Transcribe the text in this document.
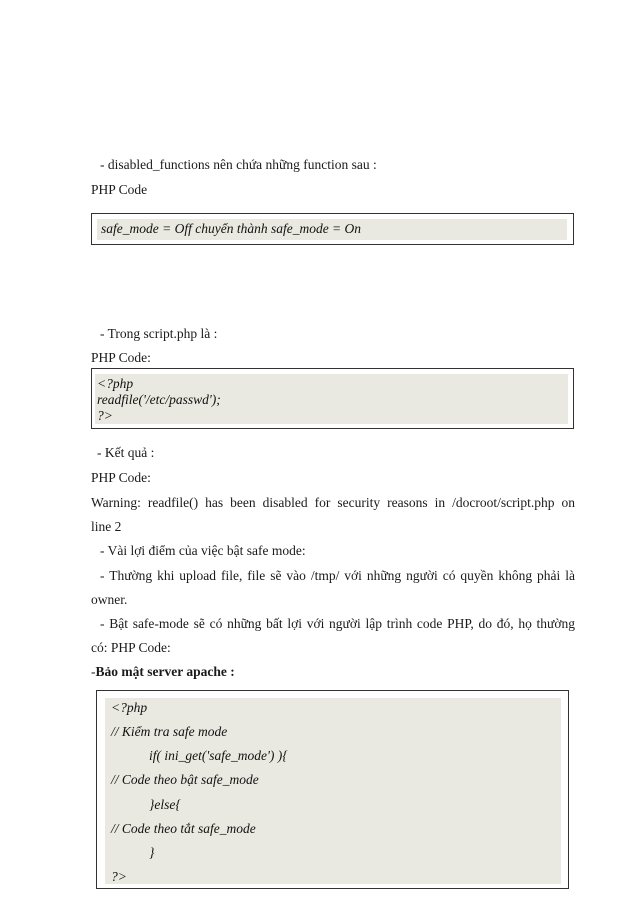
- disabled_functions nên chứa những function sau :
PHP Code
safe_mode = Off chuyển thành safe_mode = On
- Trong script.php là :
PHP Code:
<?php
readfile('/etc/passwd');
?>
- Kết quả :
PHP Code:
Warning: readfile() has been disabled for security reasons in /docroot/script.php on
line 2
- Vài lợi điểm của việc bật safe mode:
- Thường khi upload file, file sẽ vào /tmp/ với những người có quyền không phải là
owner.
- Bật safe-mode sẽ có những bất lợi với người lập trình code PHP, do đó, họ thường
có: PHP Code:
-Bảo mật server apache :
<?php
// Kiểm tra safe mode
if( ini_get('safe_mode') ){
// Code theo bật safe_mode
}else{
// Code theo tắt safe_mode
}
?>
